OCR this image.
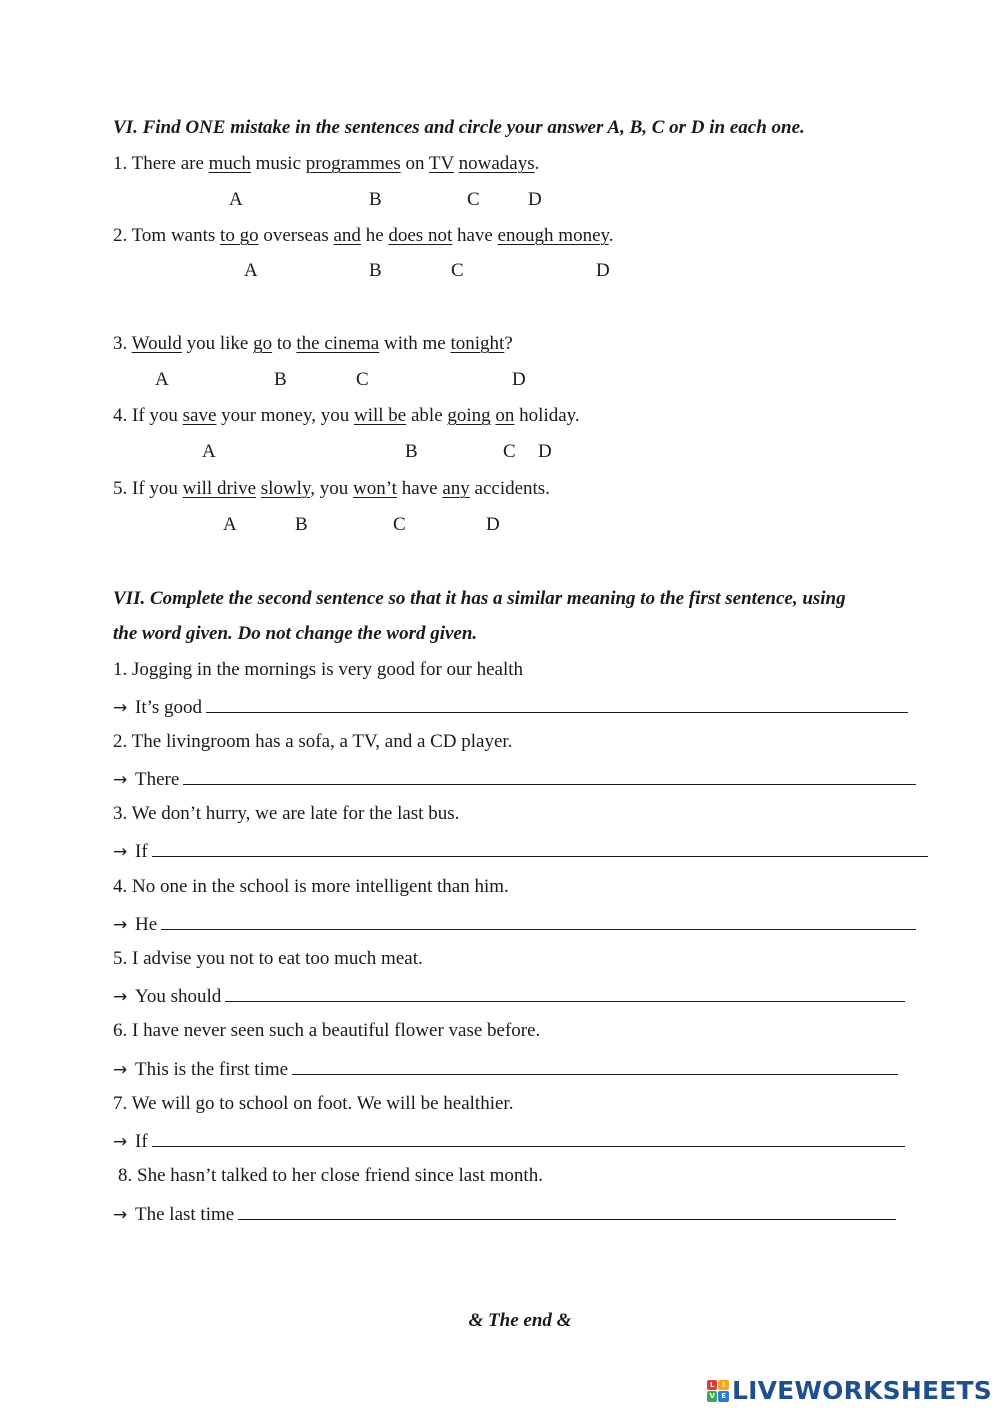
VI. Find ONE mistake in the sentences and circle your answer A, B, C or D in each one.
1. There are much music programmes on TV nowadays.
A	B	C	D
2. Tom wants to go overseas and he does not have enough money.
A	B	C	D
3. Would you like go to the cinema with me tonight?
A	B	C	D
4. If you save your money, you will be able going on holiday.
A	B	C D
5. If you will drive slowly, you won’t have any accidents.
A	B	C	D
VII. Complete the second sentence so that it has a similar meaning to the first sentence, using
the word given. Do not change the word given.
1. Jogging in the mornings is very good for our health
→ It’s good
2. The livingroom has a sofa, a TV, and a CD player.
→ There
3. We don’t hurry, we are late for the last bus.
→ If
4. No one in the school is more intelligent than him.
→ He
5. I advise you not to eat too much meat.
→ You should
6. I have never seen such a beautiful flower vase before.
→ This is the first time
7. We will go to school on foot. We will be healthier.
→ If
8. She hasn’t talked to her close friend since last month.
→ The last time
& The end &
L	I
V E LIVEWORKSHEETS
